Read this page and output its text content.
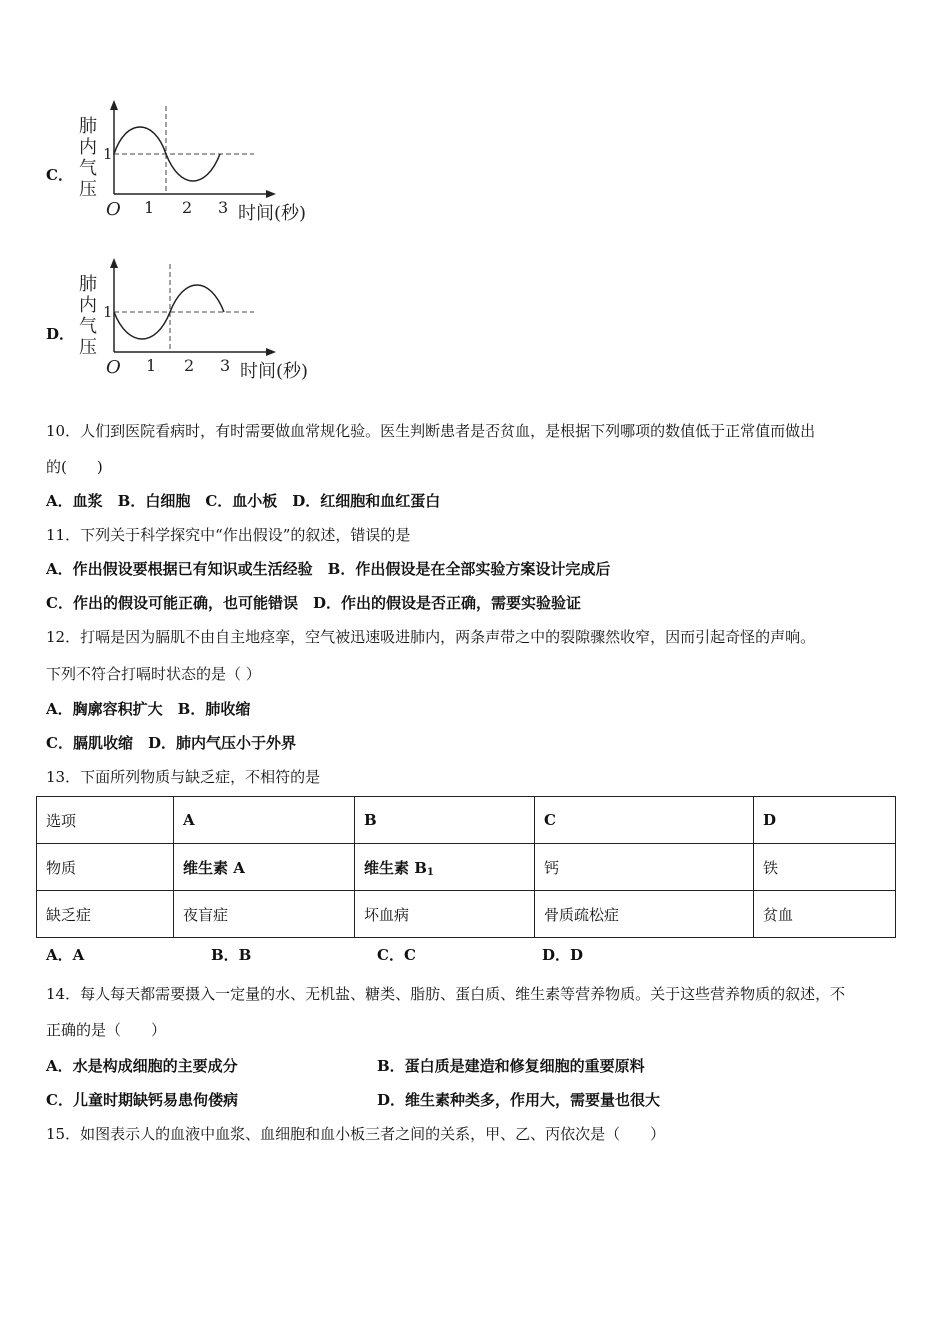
C．
肺
内
气
压
1
O 1 2 3 时间(秒)
D．
肺
内
气
压
1
O 1 2 3 时间(秒)
10．人们到医院看病时，有时需要做血常规化验。医生判断患者是否贫血，是根据下列哪项的数值低于正常值而做出
的(　　)
A．血浆　B．白细胞　C．血小板　D．红细胞和血红蛋白
11．下列关于科学探究中“作出假设”的叙述，错误的是
A．作出假设要根据已有知识或生活经验　B．作出假设是在全部实验方案设计完成后
C．作出的假设可能正确，也可能错误　D．作出的假设是否正确，需要实验验证
12．打嗝是因为膈肌不由自主地痉挛，空气被迅速吸进肺内，两条声带之中的裂隙骤然收窄，因而引起奇怪的声响。
下列不符合打嗝时状态的是（ ）
A．胸廓容积扩大　B．肺收缩
C．膈肌收缩　D．肺内气压小于外界
13．下面所列物质与缺乏症，不相符的是
选项	A	B	C	D
物质	维生素 A	维生素 $B_1$	钙	铁
缺乏症	夜盲症	坏血病	骨质疏松症	贫血
A．A	B．B	C．C	D．D
14．每人每天都需要摄入一定量的水、无机盐、糖类、脂肪、蛋白质、维生素等营养物质。关于这些营养物质的叙述，不
正确的是（　　）
A．水是构成细胞的主要成分	B．蛋白质是建造和修复细胞的重要原料
C．儿童时期缺钙易患佝偻病	D．维生素种类多，作用大，需要量也很大
15．如图表示人的血液中血浆、血细胞和血小板三者之间的关系，甲、乙、丙依次是（　　）
